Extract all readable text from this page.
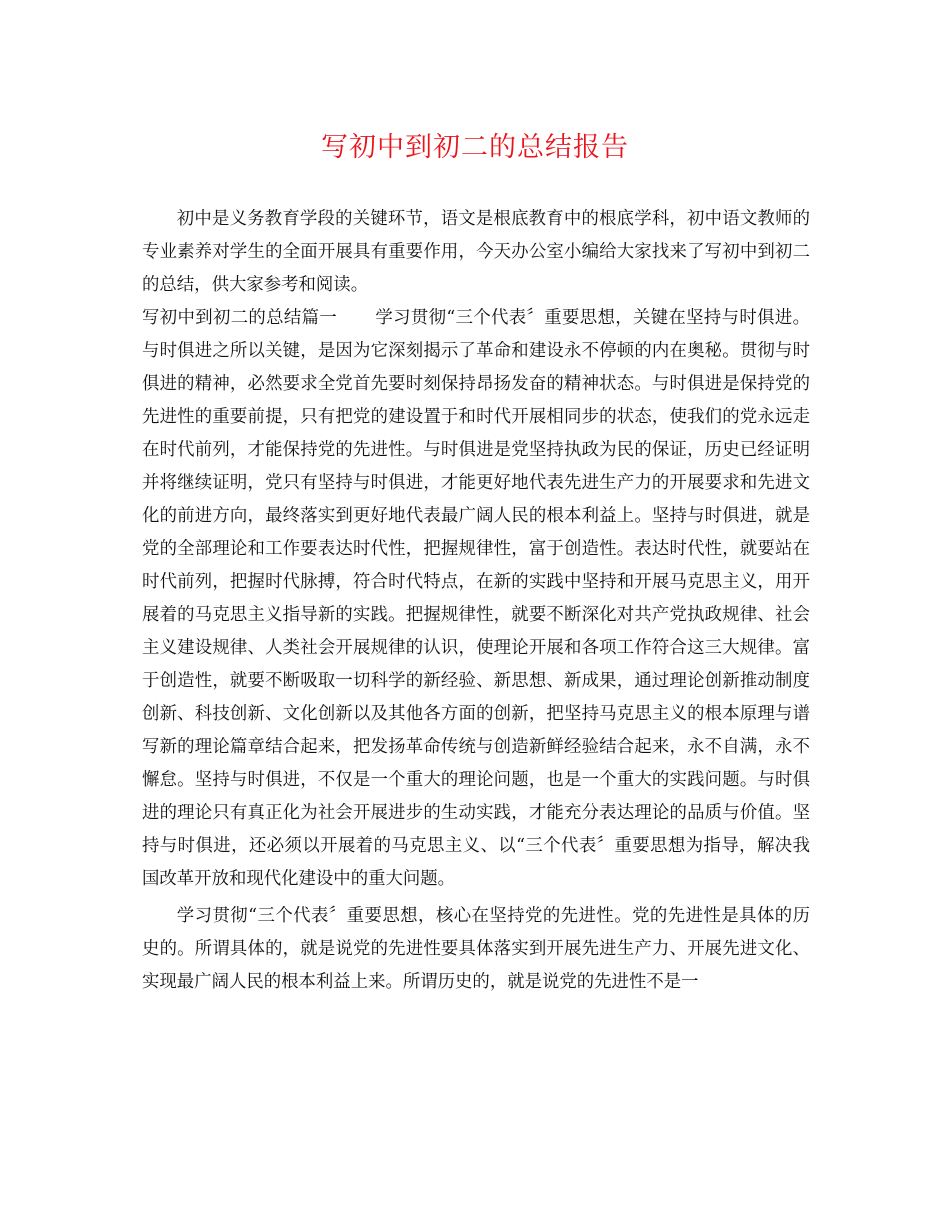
写初中到初二的总结报告

初中是义务教育学段的关键环节，语文是根底教育中的根底学科，初中语文教师的专业素养对学生的全面开展具有重要作用，今天办公室小编给大家找来了写初中到初二的总结，供大家参考和阅读。

写初中到初二的总结篇一 学习贯彻“三个代表〞重要思想，关键在坚持与时俱进。与时俱进之所以关键，是因为它深刻揭示了革命和建设永不停顿的内在奥秘。贯彻与时俱进的精神，必然要求全党首先要时刻保持昂扬发奋的精神状态。与时俱进是保持党的先进性的重要前提，只有把党的建设置于和时代开展相同步的状态，使我们的党永远走在时代前列，才能保持党的先进性。与时俱进是党坚持执政为民的保证，历史已经证明并将继续证明，党只有坚持与时俱进，才能更好地代表先进生产力的开展要求和先进文化的前进方向，最终落实到更好地代表最广阔人民的根本利益上。坚持与时俱进，就是党的全部理论和工作要表达时代性，把握规律性，富于创造性。表达时代性，就要站在时代前列，把握时代脉搏，符合时代特点，在新的实践中坚持和开展马克思主义，用开展着的马克思主义指导新的实践。把握规律性，就要不断深化对共产党执政规律、社会主义建设规律、人类社会开展规律的认识，使理论开展和各项工作符合这三大规律。富于创造性，就要不断吸取一切科学的新经验、新思想、新成果，通过理论创新推动制度创新、科技创新、文化创新以及其他各方面的创新，把坚持马克思主义的根本原理与谱写新的理论篇章结合起来，把发扬革命传统与创造新鲜经验结合起来，永不自满，永不懈怠。坚持与时俱进，不仅是一个重大的理论问题，也是一个重大的实践问题。与时俱进的理论只有真正化为社会开展进步的生动实践，才能充分表达理论的品质与价值。坚持与时俱进，还必须以开展着的马克思主义、以“三个代表〞重要思想为指导，解决我国改革开放和现代化建设中的重大问题。

学习贯彻“三个代表〞重要思想，核心在坚持党的先进性。党的先进性是具体的历史的。所谓具体的，就是说党的先进性要具体落实到开展先进生产力、开展先进文化、实现最广阔人民的根本利益上来。所谓历史的，就是说党的先进性不是一
